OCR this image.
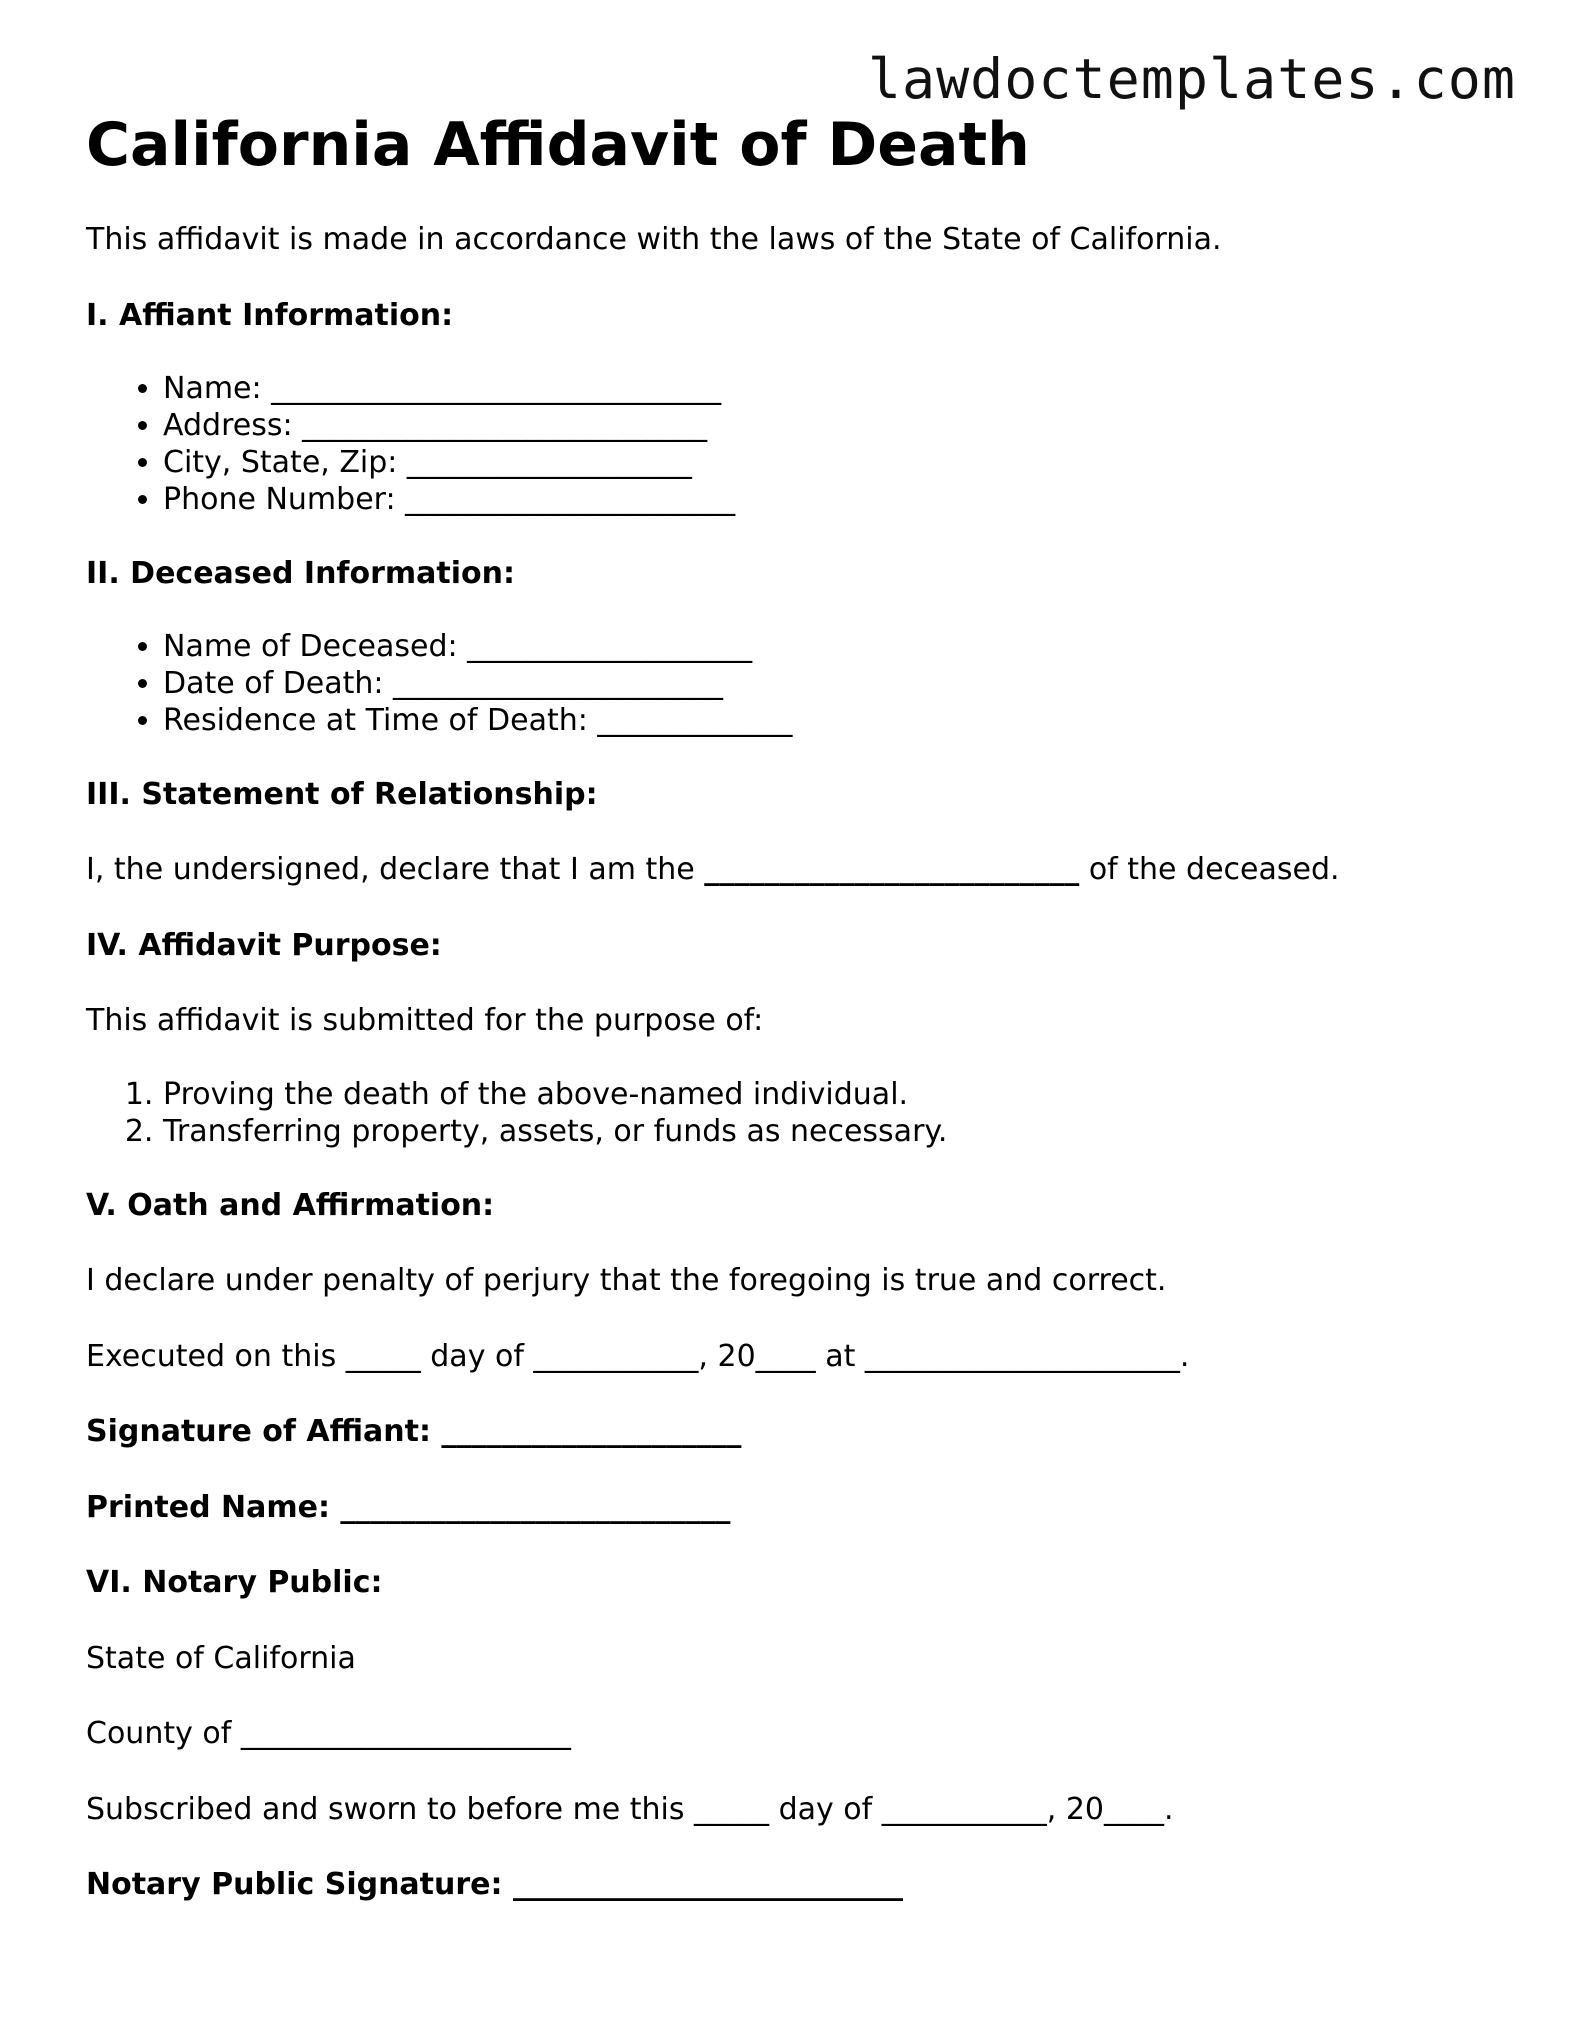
lawdoctemplates.com
California Affidavit of Death

This affidavit is made in accordance with the laws of the State of California.

I. Affiant Information:

• Name: ______________________________
• Address: ___________________________
• City, State, Zip: ___________________
• Phone Number: ______________________

II. Deceased Information:

• Name of Deceased: ___________________
• Date of Death: ______________________
• Residence at Time of Death: _____________

III. Statement of Relationship:

I, the undersigned, declare that I am the _________________________ of the deceased.

IV. Affidavit Purpose:

This affidavit is submitted for the purpose of:

1. Proving the death of the above-named individual.
2. Transferring property, assets, or funds as necessary.

V. Oath and Affirmation:

I declare under penalty of perjury that the foregoing is true and correct.

Executed on this _____ day of ___________, 20____ at _____________________.

Signature of Affiant: ____________________

Printed Name: __________________________

VI. Notary Public:

State of California

County of ______________________

Subscribed and sworn to before me this _____ day of ___________, 20____.

Notary Public Signature: __________________________
